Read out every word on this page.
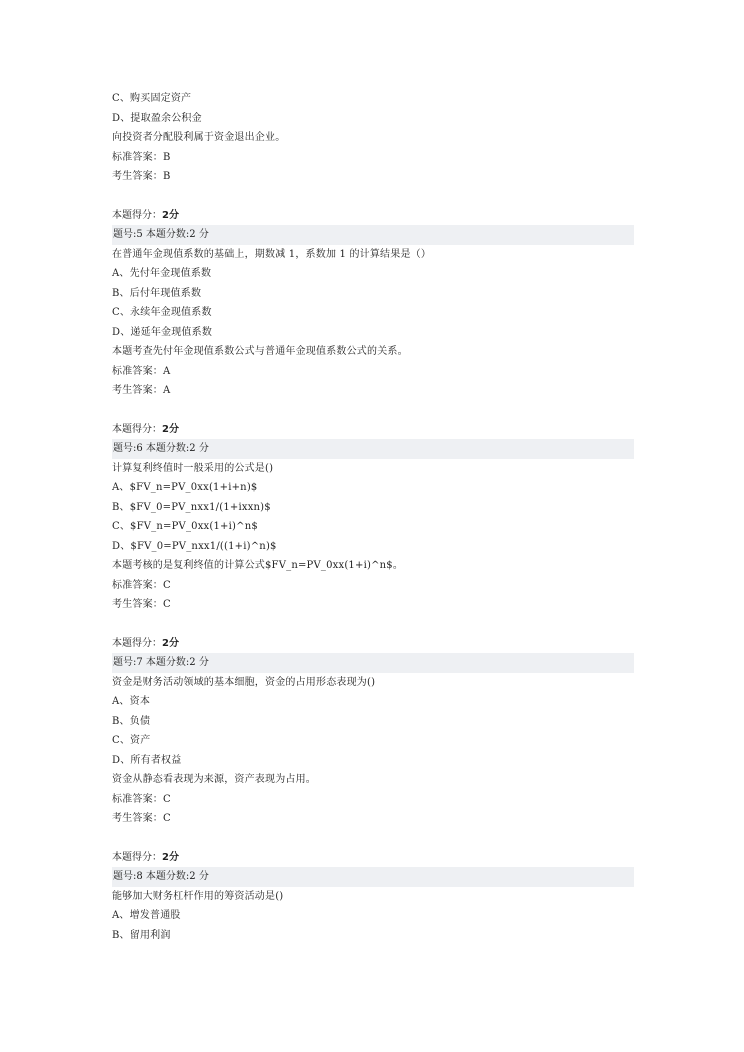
C、购买固定资产
D、提取盈余公积金
向投资者分配股利属于资金退出企业。
标准答案：B
考生答案：B
本题得分：2分
题号:5 本题分数:2 分
在普通年金现值系数的基础上，期数减 1，系数加 1 的计算结果是（）
A、先付年金现值系数
B、后付年现值系数
C、永续年金现值系数
D、递延年金现值系数
本题考查先付年金现值系数公式与普通年金现值系数公式的关系。
标准答案：A
考生答案：A
本题得分：2分
题号:6 本题分数:2 分
计算复利终值时一般采用的公式是()
A、$FV_n=PV_0xx(1+i+n)$
B、$FV_0=PV_nxx1/(1+ixxn)$
C、$FV_n=PV_0xx(1+i)^n$
D、$FV_0=PV_nxx1/((1+i)^n)$
本题考核的是复利终值的计算公式$FV_n=PV_0xx(1+i)^n$。
标准答案：C
考生答案：C
本题得分：2分
题号:7 本题分数:2 分
资金是财务活动领域的基本细胞，资金的占用形态表现为()
A、资本
B、负债
C、资产
D、所有者权益
资金从静态看表现为来源，资产表现为占用。
标准答案：C
考生答案：C
本题得分：2分
题号:8 本题分数:2 分
能够加大财务杠杆作用的筹资活动是()
A、增发普通股
B、留用利润
